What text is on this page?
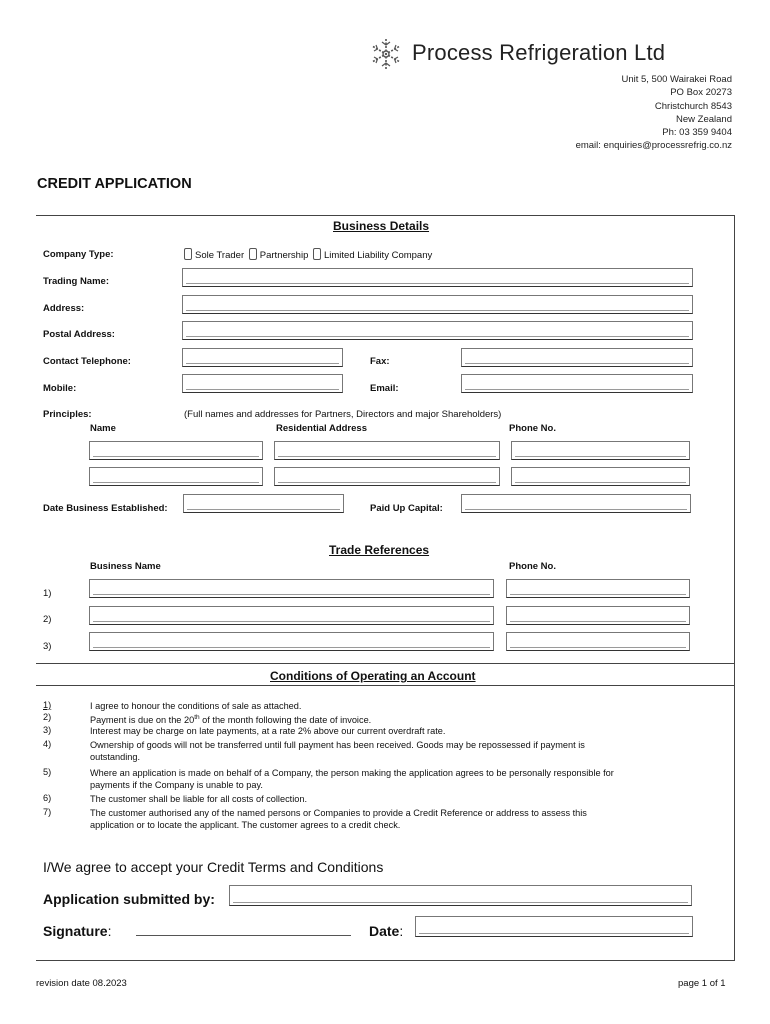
Process Refrigeration Ltd
Unit 5, 500 Wairakei Road
PO Box 20273
Christchurch 8543
New Zealand
Ph: 03 359 9404
email: enquiries@processrefrig.co.nz
CREDIT APPLICATION
Business Details
Company Type:	Sole Trader Partnership Limited Liability Company
Trading Name:
Address:
Postal Address:
Contact Telephone:	Fax:
Mobile:	Email:
Principles:	(Full names and addresses for Partners, Directors and major Shareholders)
Name	Residential Address	Phone No.
Date Business Established:	Paid Up Capital:
Trade References
Business Name	Phone No.
1)
2)
3)
Conditions of Operating an Account
1)	I agree to honour the conditions of sale as attached.
2)	Payment is due on the 20th of the month following the date of invoice.
3)	Interest may be charge on late payments, at a rate 2% above our current overdraft rate.
4)	Ownership of goods will not be transferred until full payment has been received. Goods may be repossessed if payment is
outstanding.
5)	Where an application is made on behalf of a Company, the person making the application agrees to be personally responsible for
payments if the Company is unable to pay.
6)	The customer shall be liable for all costs of collection.
7)	The customer authorised any of the named persons or Companies to provide a Credit Reference or address to assess this
application or to locate the applicant. The customer agrees to a credit check.
I/We agree to accept your Credit Terms and Conditions
Application submitted by:
Signature:	Date:
revision date 08.2023	page 1 of 1
